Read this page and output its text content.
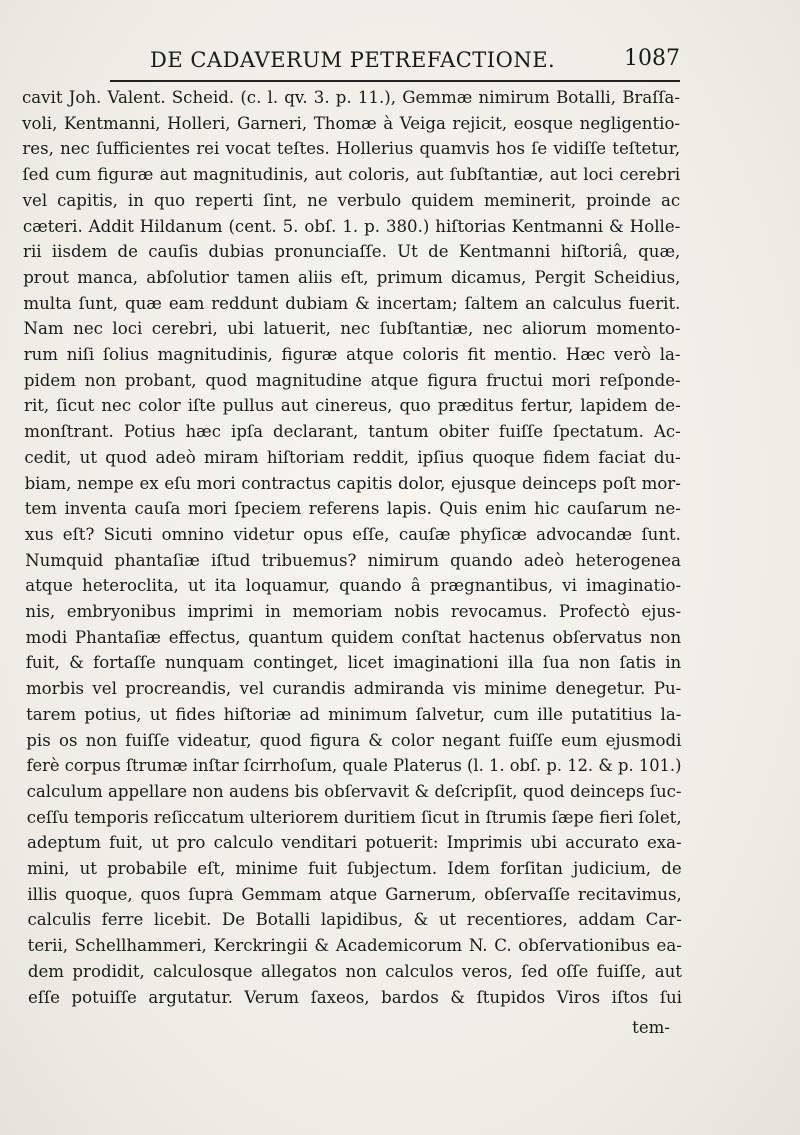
DE CADAVERUM PETREFACTIONE.	1087
cavit Joh. Valent. Scheid. (c. l. qv. 3. p. 11.), Gemmæ nimirum Botalli, Braſſa-
voli, Kentmanni, Holleri, Garneri, Thomæ à Veiga rejicit, eosque negligentio-
res, nec ſufficientes rei vocat teſtes. Hollerius quamvis hos ſe vidiſſe teſtetur,
ſed cum figuræ aut magnitudinis, aut coloris, aut ſubſtantiæ, aut loci cerebri
vel capitis, in quo reperti ſint, ne verbulo quidem meminerit, proinde ac
cæteri. Addit Hildanum (cent. 5. obſ. 1. p. 380.) hiſtorias Kentmanni & Holle-
rii iisdem de cauſis dubias pronunciaſſe. Ut de Kentmanni hiſtoriâ, quæ,
prout manca, abſolutior tamen aliis eſt, primum dicamus, Pergit Scheidius,
multa ſunt, quæ eam reddunt dubiam & incertam; ſaltem an calculus fuerit.
Nam nec loci cerebri, ubi latuerit, nec ſubſtantiæ, nec aliorum momento-
rum niſi ſolius magnitudinis, figuræ atque coloris fit mentio. Hæc verò la-
pidem non probant, quod magnitudine atque figura fructui mori reſponde-
rit, ſicut nec color iſte pullus aut cinereus, quo præditus fertur, lapidem de-
monſtrant. Potius hæc ipſa declarant, tantum obiter fuiſſe ſpectatum. Ac-
cedit, ut quod adeò miram hiſtoriam reddit, ipſius quoque fidem faciat du-
biam, nempe ex eſu mori contractus capitis dolor, ejusque deinceps poſt mor-
tem inventa cauſa mori ſpeciem referens lapis. Quis enim hic cauſarum ne-
xus eſt? Sicuti omnino videtur opus eſſe, cauſæ phyſicæ advocandæ ſunt.
Numquid phantaſiæ iſtud tribuemus? nimirum quando adeò heterogenea
atque heteroclita, ut ita loquamur, quando â prægnantibus, vi imaginatio-
nis, embryonibus imprimi in memoriam nobis revocamus. Profectò ejus-
modi Phantaſiæ effectus, quantum quidem conſtat hactenus obſervatus non
fuit, & fortaſſe nunquam continget, licet imaginationi illa ſua non ſatis in
morbis vel procreandis, vel curandis admiranda vis minime denegetur. Pu-
tarem potius, ut fides hiſtoriæ ad minimum ſalvetur, cum ille putatitius la-
pis os non fuiſſe videatur, quod figura & color negant fuiſſe eum ejusmodi
ferè corpus ſtrumæ inſtar ſcirrhoſum, quale Platerus (l. 1. obſ. p. 12. & p. 101.)
calculum appellare non audens bis obſervavit & deſcripſit, quod deinceps ſuc-
ceſſu temporis reſiccatum ulteriorem duritiem ſicut in ſtrumis ſæpe fieri ſolet,
adeptum fuit, ut pro calculo venditari potuerit: Imprimis ubi accurato exa-
mini, ut probabile eſt, minime fuit ſubjectum. Idem forſitan judicium, de
illis quoque, quos ſupra Gemmam atque Garnerum, obſervaſſe recitavimus,
calculis ferre licebit. De Botalli lapidibus, & ut recentiores, addam Car-
terii, Schellhammeri, Kerckringii & Academicorum N. C. obſervationibus ea-
dem prodidit, calculosque allegatos non calculos veros, ſed oſſe fuiſſe, aut
eſſe potuiſſe argutatur. Verum ſaxeos, bardos & ſtupidos Viros iſtos ſui
tem-
